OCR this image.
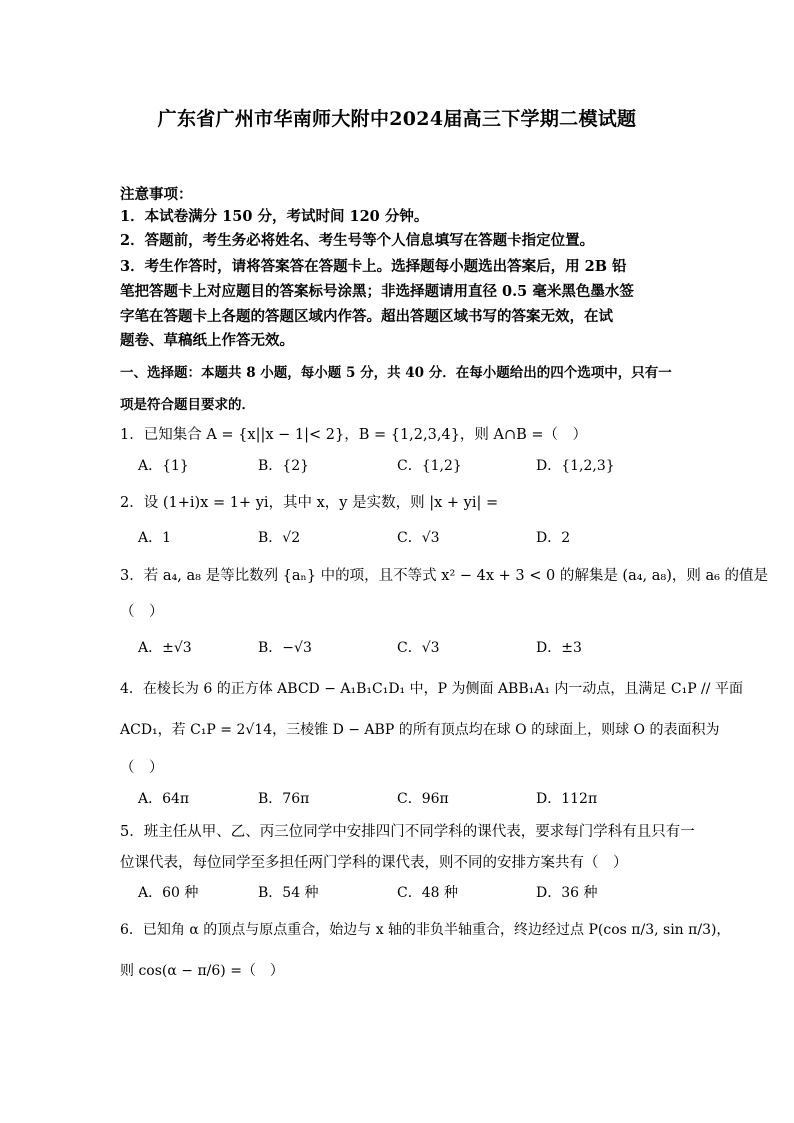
广东省广州市华南师大附中2024届高三下学期二模试题
注意事项：
1．本试卷满分 150 分，考试时间 120 分钟。
2．答题前，考生务必将姓名、考生号等个人信息填写在答题卡指定位置。
3．考生作答时，请将答案答在答题卡上。选择题每小题选出答案后，用 2B 铅
笔把答题卡上对应题目的答案标号涂黑；非选择题请用直径 0.5 毫米黑色墨水签
字笔在答题卡上各题的答题区域内作答。超出答题区域书写的答案无效，在试
题卷、草稿纸上作答无效。
一、选择题：本题共 8 小题，每小题 5 分，共 40 分．在每小题给出的四个选项中，只有一
项是符合题目要求的．
1．已知集合 A = {x||x − 1|< 2}，B = {1,2,3,4}，则 A∩B =（　）
A．{1}	B．{2}	C．{1,2}	D．{1,2,3}
2．设 (1+i)x = 1+ yi，其中 x，y 是实数，则 |x + yi| =
A．1	B．√2	C．√3	D．2
3．若 a₄, a₈ 是等比数列 {aₙ} 中的项，且不等式 x² − 4x + 3 < 0 的解集是 (a₄, a₈)，则 a₆ 的值是
（　）
A．±√3	B．−√3	C．√3	D．±3
4．在棱长为 6 的正方体 ABCD − A₁B₁C₁D₁ 中，P 为侧面 ABB₁A₁ 内一动点，且满足 C₁P // 平面
ACD₁，若 C₁P = 2√14，三棱锥 D − ABP 的所有顶点均在球 O 的球面上，则球 O 的表面积为
（　）
A．64π	B．76π	C．96π	D．112π
5．班主任从甲、乙、丙三位同学中安排四门不同学科的课代表，要求每门学科有且只有一
位课代表，每位同学至多担任两门学科的课代表，则不同的安排方案共有（　）
A．60 种	B．54 种	C．48 种	D．36 种
6．已知角 α 的顶点与原点重合，始边与 x 轴的非负半轴重合，终边经过点 P(cos π/3, sin π/3)，
则 cos(α − π/6) =（　）
